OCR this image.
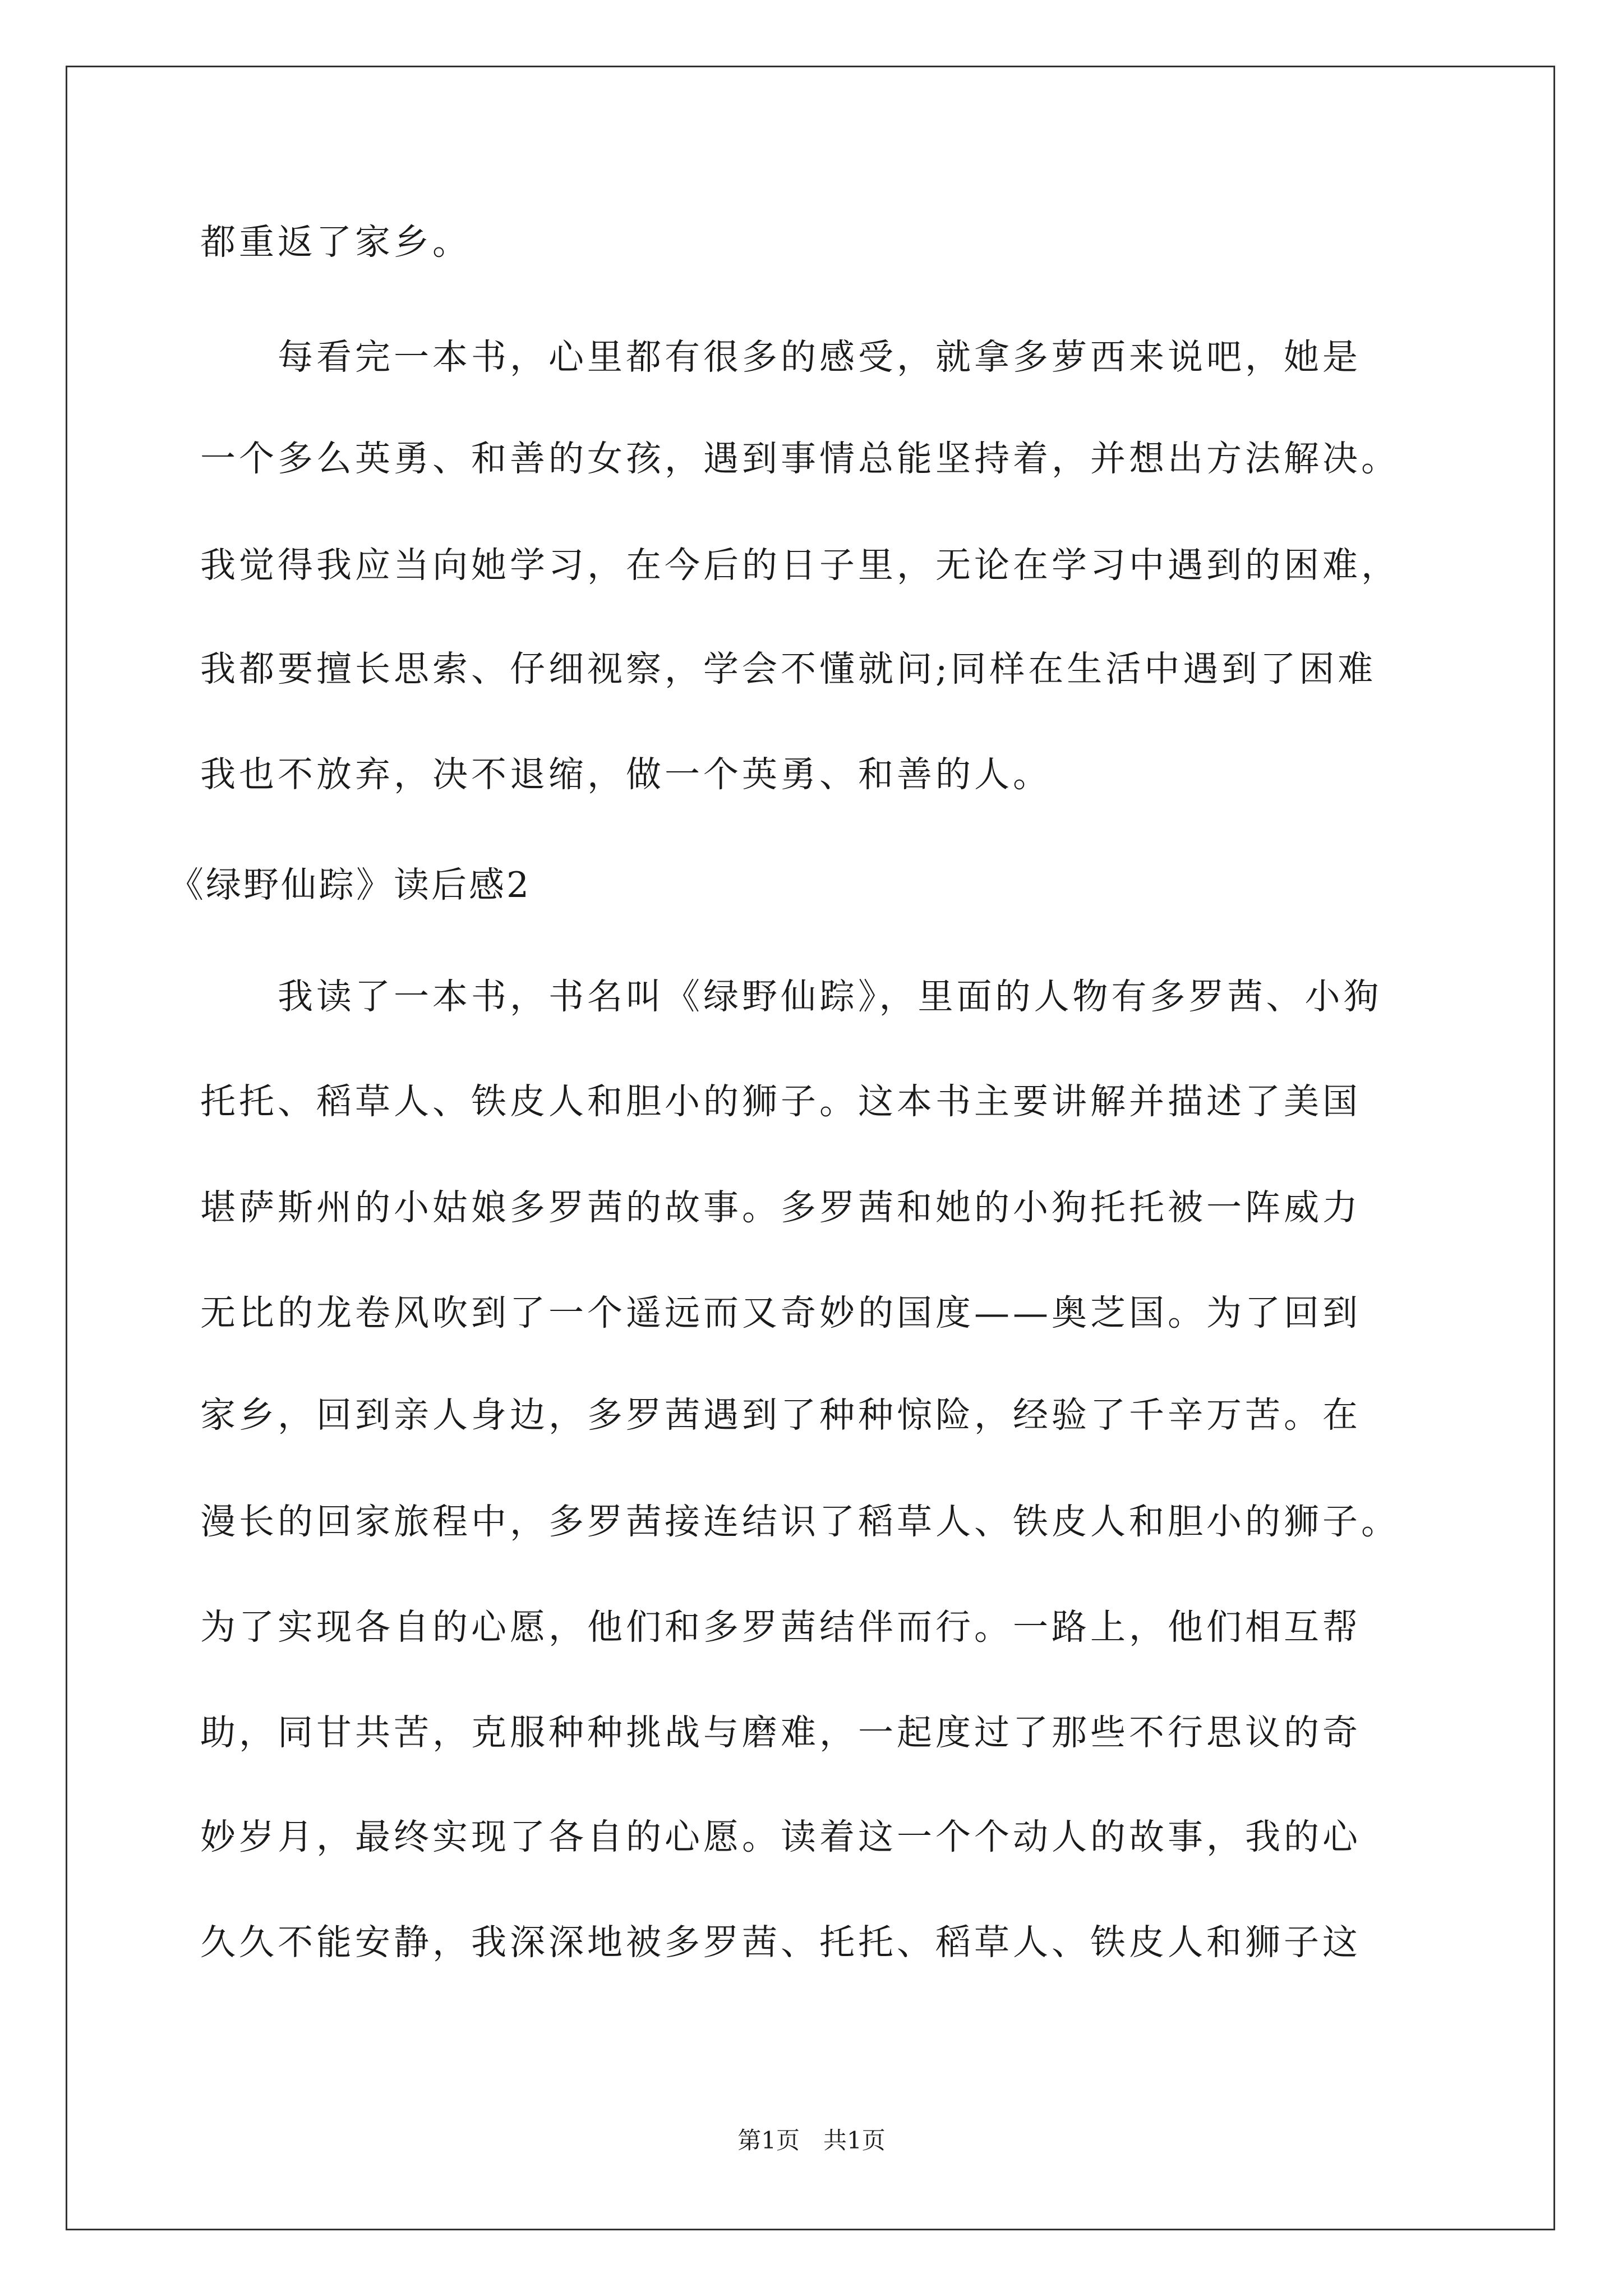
都重返了家乡。
　　每看完一本书，心里都有很多的感受，就拿多萝西来说吧，她是
一个多么英勇、和善的女孩，遇到事情总能坚持着，并想出方法解决。
我觉得我应当向她学习，在今后的日子里，无论在学习中遇到的困难，
我都要擅长思索、仔细视察，学会不懂就问;同样在生活中遇到了困难
我也不放弃，决不退缩，做一个英勇、和善的人。
《绿野仙踪》读后感2
　　我读了一本书，书名叫《绿野仙踪》，里面的人物有多罗茜、小狗
托托、稻草人、铁皮人和胆小的狮子。这本书主要讲解并描述了美国
堪萨斯州的小姑娘多罗茜的故事。多罗茜和她的小狗托托被一阵威力
无比的龙卷风吹到了一个遥远而又奇妙的国度——奥芝国。为了回到
家乡，回到亲人身边，多罗茜遇到了种种惊险，经验了千辛万苦。在
漫长的回家旅程中，多罗茜接连结识了稻草人、铁皮人和胆小的狮子。
为了实现各自的心愿，他们和多罗茜结伴而行。一路上，他们相互帮
助，同甘共苦，克服种种挑战与磨难，一起度过了那些不行思议的奇
妙岁月，最终实现了各自的心愿。读着这一个个动人的故事，我的心
久久不能安静，我深深地被多罗茜、托托、稻草人、铁皮人和狮子这
第1页　共1页
